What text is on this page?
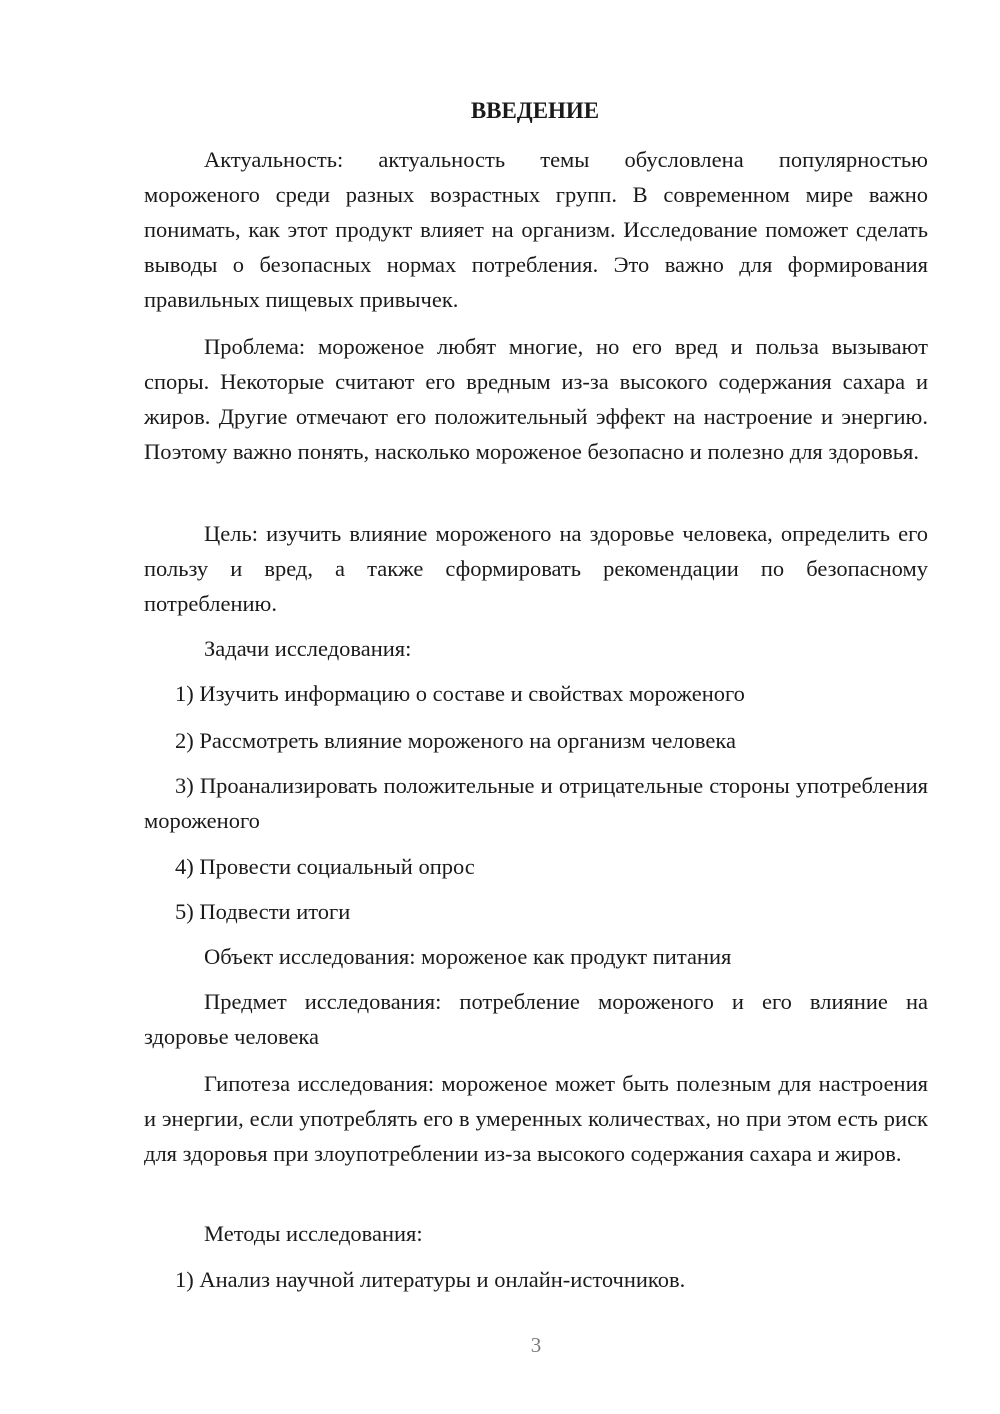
ВВЕДЕНИЕ

Актуальность: актуальность темы обусловлена популярностью мороженого среди разных возрастных групп. В современном мире важно понимать, как этот продукт влияет на организм. Исследование поможет сделать выводы о безопасных нормах потребления. Это важно для формирования правильных пищевых привычек.

Проблема: мороженое любят многие, но его вред и польза вызывают споры. Некоторые считают его вредным из-за высокого содержания сахара и жиров. Другие отмечают его положительный эффект на настроение и энергию. Поэтому важно понять, насколько мороженое безопасно и полезно для здоровья.

Цель: изучить влияние мороженого на здоровье человека, определить его пользу и вред, а также сформировать рекомендации по безопасному потреблению.

Задачи исследования:
1) Изучить информацию о составе и свойствах мороженого
2) Рассмотреть влияние мороженого на организм человека

3) Проанализировать положительные и отрицательные стороны употребления мороженого

4) Провести социальный опрос
5) Подвести итоги
Объект исследования: мороженое как продукт питания

Предмет исследования: потребление мороженого и его влияние на здоровье человека

Гипотеза исследования: мороженое может быть полезным для настроения и энергии, если употреблять его в умеренных количествах, но при этом есть риск для здоровья при злоупотреблении из-за высокого содержания сахара и жиров.

Методы исследования:
1) Анализ научной литературы и онлайн-источников.
3
